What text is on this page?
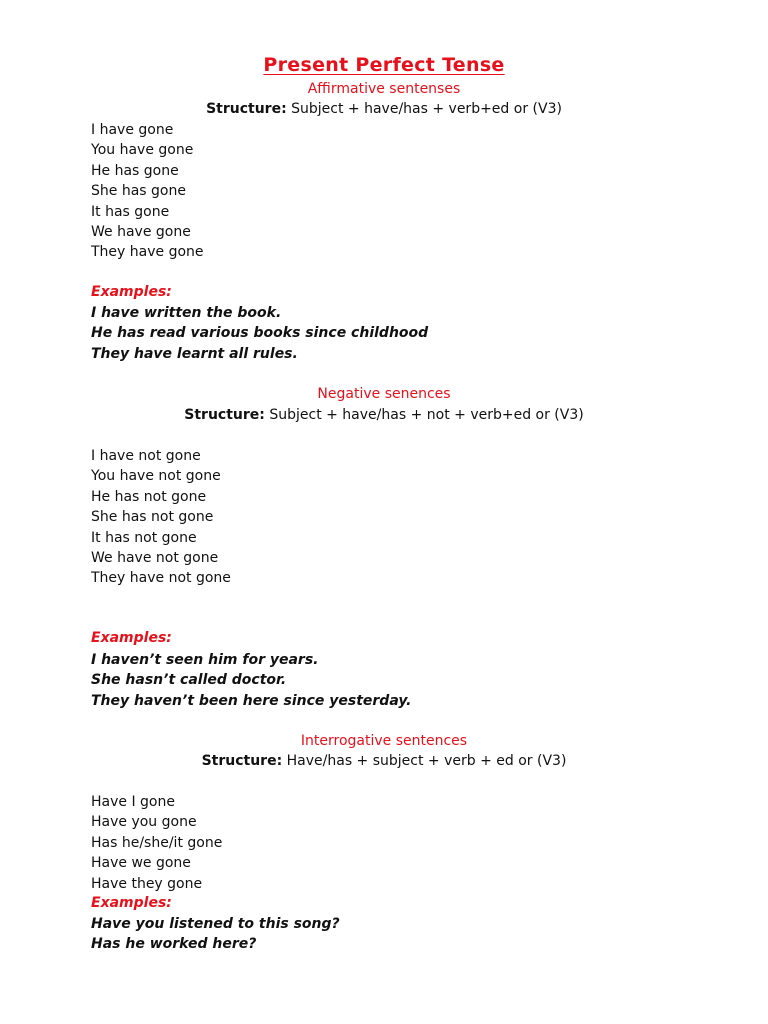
Present Perfect Tense
Affirmative sentenses
Structure: Subject + have/has + verb+ed or (V3)
I have gone
You have gone
He has gone
She has gone
It has gone
We have gone
They have gone
Examples:
I have written the book.
He has read various books since childhood
They have learnt all rules.
Negative senences
Structure: Subject + have/has + not + verb+ed or (V3)
I have not gone
You have not gone
He has not gone
She has not gone
It has not gone
We have not gone
They have not gone
Examples:
I haven’t seen him for years.
She hasn’t called doctor.
They haven’t been here since yesterday.
Interrogative sentences
Structure: Have/has + subject + verb + ed or (V3)
Have I gone
Have you gone
Has he/she/it gone
Have we gone
Have they gone
Examples:
Have you listened to this song?
Has he worked here?
